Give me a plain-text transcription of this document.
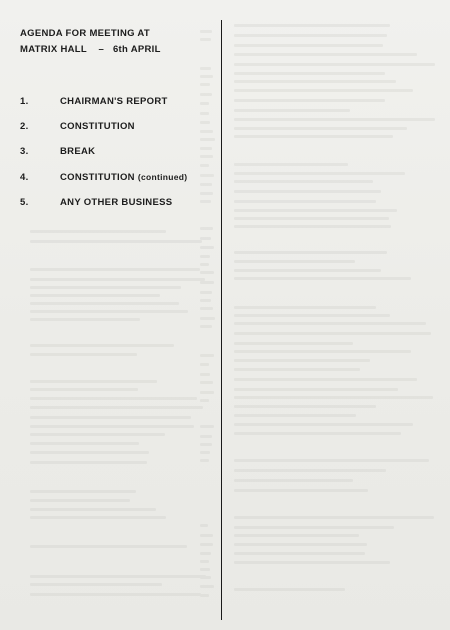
AGENDA FOR MEETING AT
MATRIX HALL    –   6th APRIL
1.	CHAIRMAN'S REPORT
2.	CONSTITUTION
3.	BREAK
4.	CONSTITUTION (continued)
5.	ANY OTHER BUSINESS
